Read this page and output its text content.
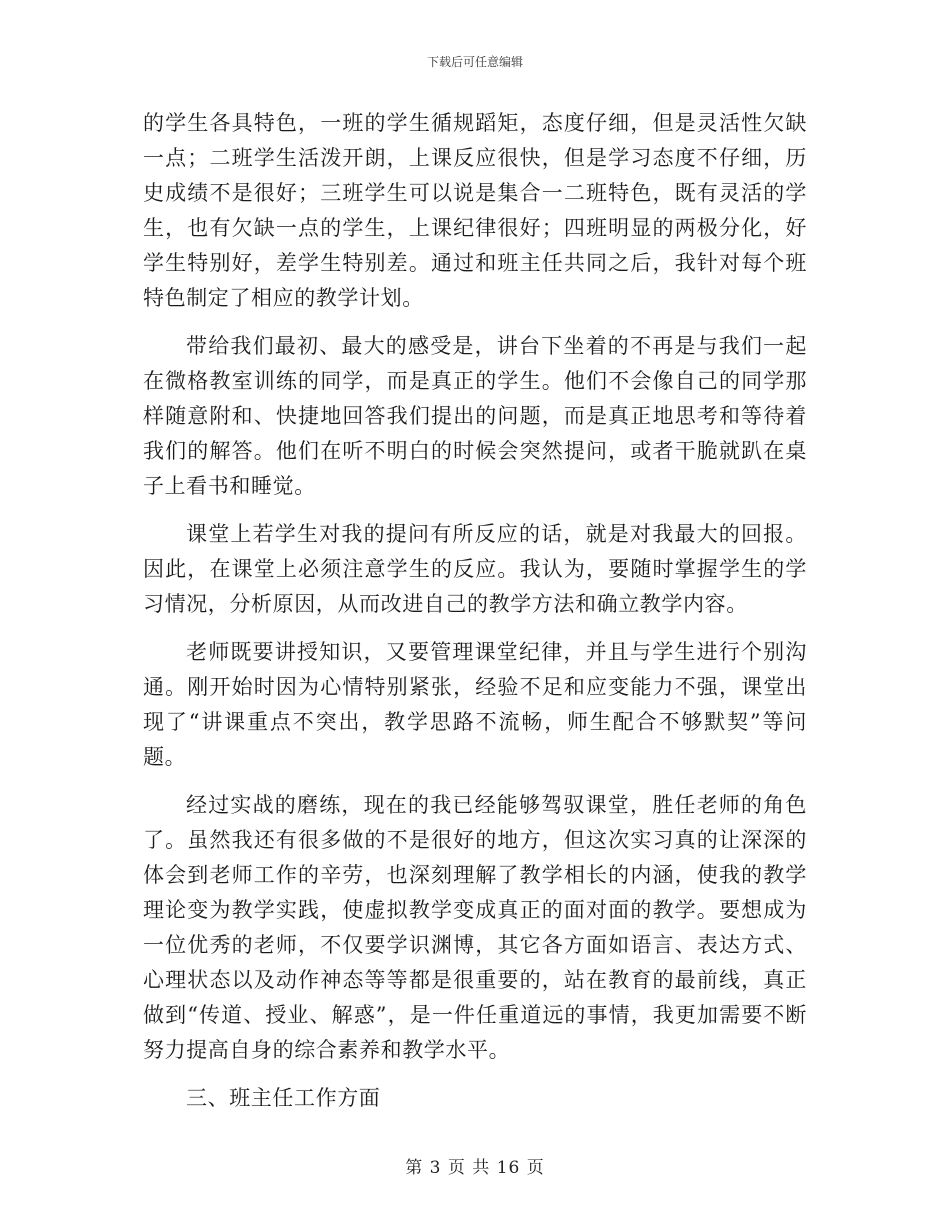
下载后可任意编辑

的学生各具特色，一班的学生循规蹈矩，态度仔细，但是灵活性欠缺一点；二班学生活泼开朗，上课反应很快，但是学习态度不仔细，历史成绩不是很好；三班学生可以说是集合一二班特色，既有灵活的学生，也有欠缺一点的学生，上课纪律很好；四班明显的两极分化，好学生特别好，差学生特别差。通过和班主任共同之后，我针对每个班特色制定了相应的教学计划。

带给我们最初、最大的感受是，讲台下坐着的不再是与我们一起在微格教室训练的同学，而是真正的学生。他们不会像自己的同学那样随意附和、快捷地回答我们提出的问题，而是真正地思考和等待着我们的解答。他们在听不明白的时候会突然提问，或者干脆就趴在桌子上看书和睡觉。

课堂上若学生对我的提问有所反应的话，就是对我最大的回报。因此，在课堂上必须注意学生的反应。我认为，要随时掌握学生的学习情况，分析原因，从而改进自己的教学方法和确立教学内容。

老师既要讲授知识，又要管理课堂纪律，并且与学生进行个别沟通。刚开始时因为心情特别紧张，经验不足和应变能力不强，课堂出现了“讲课重点不突出，教学思路不流畅，师生配合不够默契”等问题。

经过实战的磨练，现在的我已经能够驾驭课堂，胜任老师的角色了。虽然我还有很多做的不是很好的地方，但这次实习真的让深深的体会到老师工作的辛劳，也深刻理解了教学相长的内涵，使我的教学理论变为教学实践，使虚拟教学变成真正的面对面的教学。要想成为一位优秀的老师，不仅要学识渊博，其它各方面如语言、表达方式、心理状态以及动作神态等等都是很重要的，站在教育的最前线，真正做到“传道、授业、解惑”，是一件任重道远的事情，我更加需要不断努力提高自身的综合素养和教学水平。

三、班主任工作方面

第 3 页 共 16 页
